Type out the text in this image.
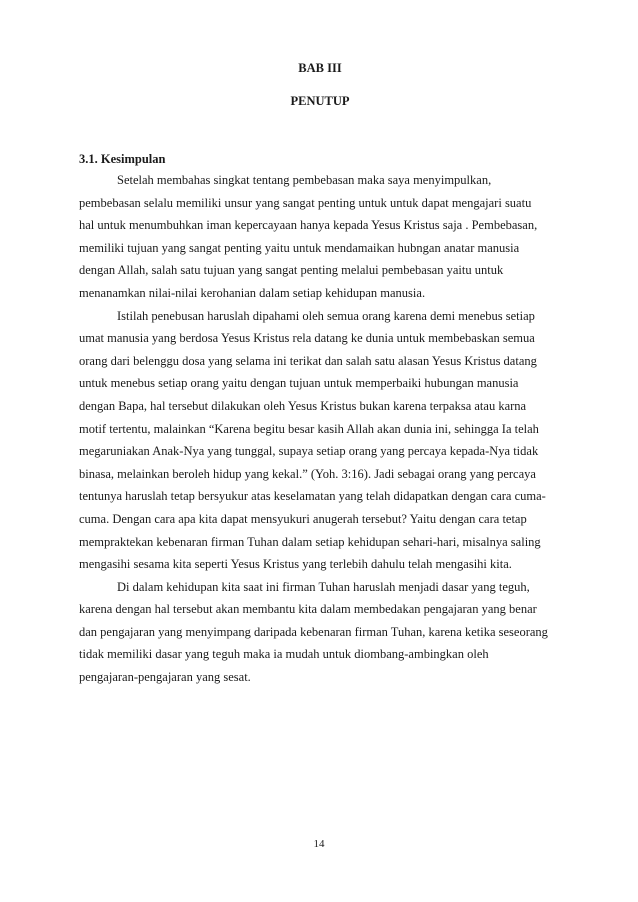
BAB III
PENUTUP
3.1. Kesimpulan
Setelah membahas singkat tentang pembebasan maka saya menyimpulkan,
pembebasan selalu memiliki unsur yang sangat penting untuk untuk dapat mengajari suatu
hal untuk menumbuhkan iman kepercayaan hanya kepada Yesus Kristus saja . Pembebasan,
memiliki tujuan yang sangat penting yaitu untuk mendamaikan hubngan anatar manusia
dengan Allah, salah satu tujuan yang sangat penting melalui pembebasan yaitu untuk
menanamkan nilai-nilai kerohanian dalam setiap kehidupan manusia.
Istilah penebusan haruslah dipahami oleh semua orang karena demi menebus setiap
umat manusia yang berdosa Yesus Kristus rela datang ke dunia untuk membebaskan semua
orang dari belenggu dosa yang selama ini terikat dan salah satu alasan Yesus Kristus datang
untuk menebus setiap orang yaitu dengan tujuan untuk memperbaiki hubungan manusia
dengan Bapa, hal tersebut dilakukan oleh Yesus Kristus bukan karena terpaksa atau karna
motif tertentu, malainkan “Karena begitu besar kasih Allah akan dunia ini, sehingga Ia telah
megaruniakan Anak-Nya yang tunggal, supaya setiap orang yang percaya kepada-Nya tidak
binasa, melainkan beroleh hidup yang kekal.” (Yoh. 3:16). Jadi sebagai orang yang percaya
tentunya haruslah tetap bersyukur atas keselamatan yang telah didapatkan dengan cara cuma-
cuma. Dengan cara apa kita dapat mensyukuri anugerah tersebut? Yaitu dengan cara tetap
mempraktekan kebenaran firman Tuhan dalam setiap kehidupan sehari-hari, misalnya saling
mengasihi sesama kita seperti Yesus Kristus yang terlebih dahulu telah mengasihi kita.
Di dalam kehidupan kita saat ini firman Tuhan haruslah menjadi dasar yang teguh,
karena dengan hal tersebut akan membantu kita dalam membedakan pengajaran yang benar
dan pengajaran yang menyimpang daripada kebenaran firman Tuhan, karena ketika seseorang
tidak memiliki dasar yang teguh maka ia mudah untuk diombang-ambingkan oleh
pengajaran-pengajaran yang sesat.
14
